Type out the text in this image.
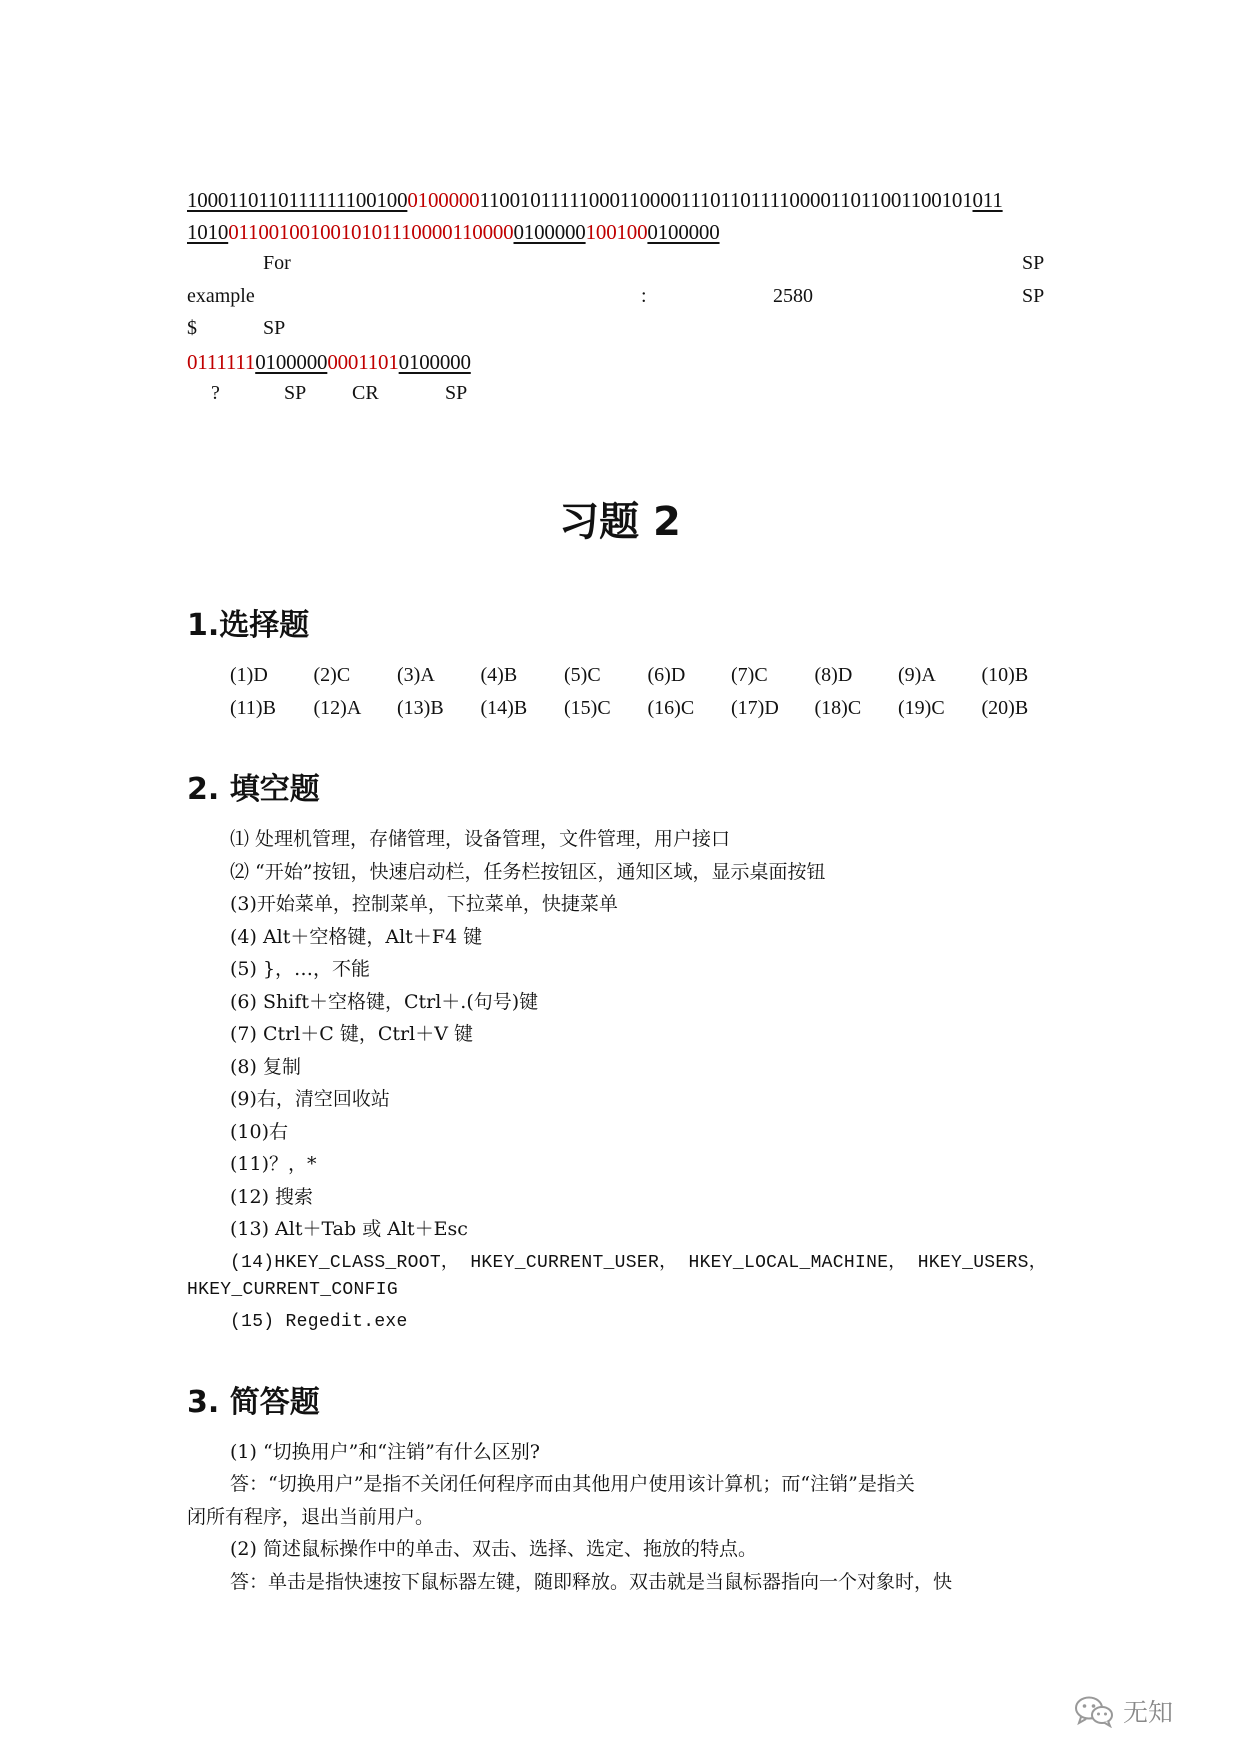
100011011011111110010001000001100101111100011000011101101111000011011001100101011
1010011001001001010111000011000001000001001000100000
For	SP
example	:	2580	SP
$	SP
0111111010000000011010100000
?	SP CR	SP
习题 2
1.选择题
(1)D (2)C (3)A (4)B (5)C (6)D (7)C (8)D (9)A (10)B
(11)B (12)A (13)B (14)B (15)C (16)C (17)D (18)C (19)C (20)B
2. 填空题
⑴ 处理机管理，存储管理，设备管理，文件管理，用户接口
⑵ “开始”按钮，快速启动栏，任务栏按钮区，通知区域，显示桌面按钮
(3)开始菜单，控制菜单，下拉菜单，快捷菜单
(4) Alt＋空格键，Alt＋F4 键
(5) }，…，不能
(6) Shift＋空格键，Ctrl＋.(句号)键
(7) Ctrl＋C 键，Ctrl＋V 键
(8) 复制
(9)右，清空回收站
(10)右
(11)？，*
(12) 搜索
(13) Alt＋Tab 或 Alt＋Esc
(14)HKEY_CLASS_ROOT， HKEY_CURRENT_USER， HKEY_LOCAL_MACHINE， HKEY_USERS，
HKEY_CURRENT_CONFIG
(15) Regedit.exe
3. 简答题
(1) “切换用户”和“注销”有什么区别?
答：“切换用户”是指不关闭任何程序而由其他用户使用该计算机；而“注销”是指关
闭所有程序，退出当前用户。
(2) 简述鼠标操作中的单击、双击、选择、选定、拖放的特点。
答：单击是指快速按下鼠标器左键，随即释放。双击就是当鼠标器指向一个对象时，快
无知
